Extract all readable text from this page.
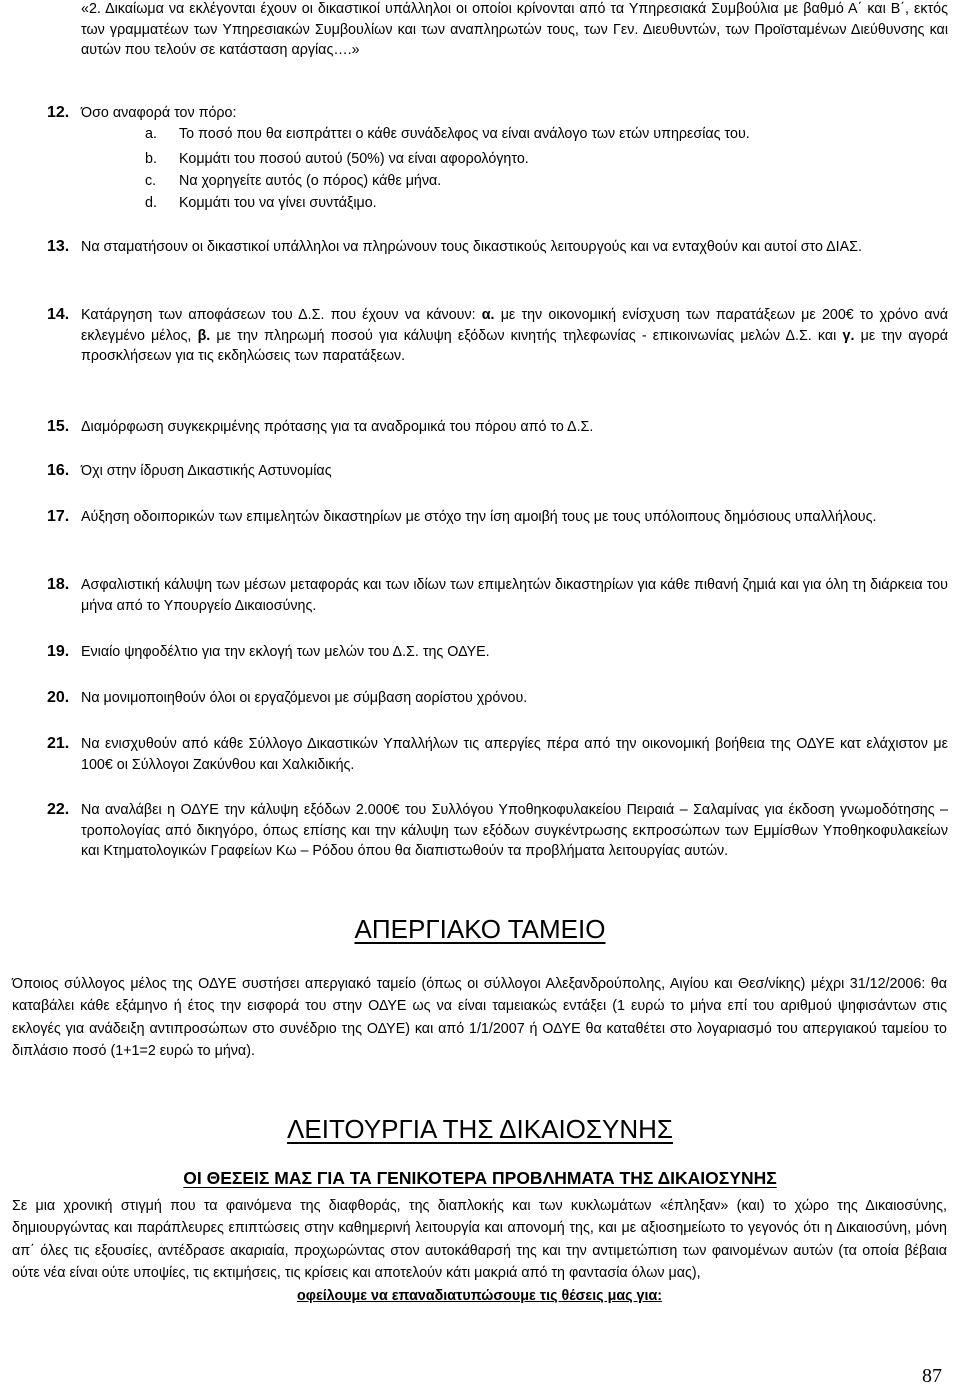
«2. Δικαίωμα να εκλέγονται έχουν οι δικαστικοί υπάλληλοι οι οποίοι κρίνονται από τα Υπηρεσιακά Συμβούλια με βαθμό Α΄ και Β΄, εκτός των γραμματέων των Υπηρεσιακών Συμβουλίων και των αναπληρωτών τους, των Γεν. Διευθυντών, των Προϊσταμένων Διεύθυνσης και αυτών που τελούν σε κατάσταση αργίας….»

12. Όσο αναφορά τον πόρο:

a.	Το ποσό που θα εισπράττει ο κάθε συνάδελφος να είναι ανάλογο των ετών υπηρεσίας του.
b.	Κομμάτι του ποσού αυτού (50%) να είναι αφορολόγητο.
c.	Να χορηγείτε αυτός (ο πόρος) κάθε μήνα.
d.	Κομμάτι του να γίνει συντάξιμο.
13. Να σταματήσουν οι δικαστικοί υπάλληλοι να πληρώνουν τους δικαστικούς λειτουργούς και να ενταχθούν και αυτοί στο ΔΙΑΣ.

14. Κατάργηση των αποφάσεων του Δ.Σ. που έχουν να κάνουν: α. με την οικονομική ενίσχυση των παρατάξεων με 200€ το χρόνο ανά εκλεγμένο μέλος, β. με την πληρωμή ποσού για κάλυψη εξόδων κινητής τηλεφωνίας - επικοινωνίας μελών Δ.Σ. και γ. με την αγορά προσκλήσεων για τις εκδηλώσεις των παρατάξεων.

15. Διαμόρφωση συγκεκριμένης πρότασης για τα αναδρομικά του πόρου από το Δ.Σ.

16. Όχι στην ίδρυση Δικαστικής Αστυνομίας

17. Αύξηση οδοιπορικών των επιμελητών δικαστηρίων με στόχο την ίση αμοιβή τους με τους υπόλοιπους δημόσιους υπαλλήλους.

18. Ασφαλιστική κάλυψη των μέσων μεταφοράς και των ιδίων των επιμελητών δικαστηρίων για κάθε πιθανή ζημιά και για όλη τη διάρκεια του μήνα από το Υπουργείο Δικαιοσύνης.

19. Ενιαίο ψηφοδέλτιο για την εκλογή των μελών του Δ.Σ. της ΟΔΥΕ.

20. Να μονιμοποιηθούν όλοι οι εργαζόμενοι με σύμβαση αορίστου χρόνου.

21. Να ενισχυθούν από κάθε Σύλλογο Δικαστικών Υπαλλήλων τις απεργίες πέρα από την οικονομική βοήθεια της ΟΔΥΕ κατ ελάχιστον με 100€ οι Σύλλογοι Ζακύνθου και Χαλκιδικής.

22. Να αναλάβει η ΟΔΥΕ την κάλυψη εξόδων 2.000€ του Συλλόγου Υποθηκοφυλακείου Πειραιά – Σαλαμίνας για έκδοση γνωμοδότησης – τροπολογίας από δικηγόρο, όπως επίσης και την κάλυψη των εξόδων συγκέντρωσης εκπροσώπων των Εμμίσθων Υποθηκοφυλακείων και Κτηματολογικών Γραφείων Κω – Ρόδου όπου θα διαπιστωθούν τα προβλήματα λειτουργίας αυτών.

ΑΠΕΡΓΙΑΚΟ ΤΑΜΕΙΟ

Όποιος σύλλογος μέλος της ΟΔΥΕ συστήσει απεργιακό ταμείο (όπως οι σύλλογοι Αλεξανδρούπολης, Αιγίου και Θεσ/νίκης) μέχρι 31/12/2006: θα καταβάλει κάθε εξάμηνο ή έτος την εισφορά του στην ΟΔΥΕ ως να είναι ταμειακώς εντάξει (1 ευρώ το μήνα επί του αριθμού ψηφισάντων στις εκλογές για ανάδειξη αντιπροσώπων στο συνέδριο της ΟΔΥΕ) και από 1/1/2007 ή ΟΔΥΕ θα καταθέτει στο λογαριασμό του απεργιακού ταμείου το διπλάσιο ποσό (1+1=2 ευρώ το μήνα).

ΛΕΙΤΟΥΡΓΙΑ ΤΗΣ ΔΙΚΑΙΟΣΥΝΗΣ
ΟΙ ΘΕΣΕΙΣ ΜΑΣ ΓΙΑ ΤΑ ΓΕΝΙΚΟΤΕΡΑ ΠΡΟΒΛΗΜΑΤΑ ΤΗΣ ΔΙΚΑΙΟΣΥΝΗΣ

Σε μια χρονική στιγμή που τα φαινόμενα της διαφθοράς, της διαπλοκής και των κυκλωμάτων «έπληξαν» (και) το χώρο της Δικαιοσύνης, δημιουργώντας και παράπλευρες επιπτώσεις στην καθημερινή λειτουργία και απονομή της, και με αξιοσημείωτο το γεγονός ότι η Δικαιοσύνη, μόνη απ΄ όλες τις εξουσίες, αντέδρασε ακαριαία, προχωρώντας στον αυτοκάθαρσή της και την αντιμετώπιση των φαινομένων αυτών (τα οποία βέβαια ούτε νέα είναι ούτε υποψίες, τις εκτιμήσεις, τις κρίσεις και αποτελούν κάτι μακριά από τη φαντασία όλων μας),

οφείλουμε να επαναδιατυπώσουμε τις θέσεις μας για:

87
